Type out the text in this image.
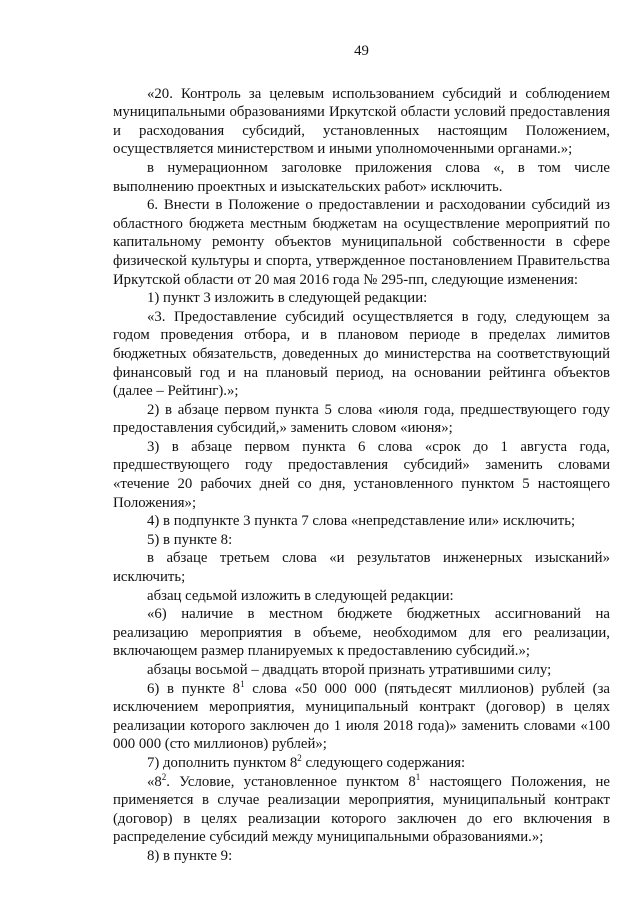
49

«20. Контроль за целевым использованием субсидий и соблюдением муниципальными образованиями Иркутской области условий предоставления и расходования субсидий, установленных настоящим Положением, осуществляется министерством и иными уполномоченными органами.»;

в нумерационном заголовке приложения слова «, в том числе выполнению проектных и изыскательских работ» исключить.

6. Внести в Положение о предоставлении и расходовании субсидий из областного бюджета местным бюджетам на осуществление мероприятий по капитальному ремонту объектов муниципальной собственности в сфере физической культуры и спорта, утвержденное постановлением Правительства Иркутской области от 20 мая 2016 года № 295-пп, следующие изменения:

1) пункт 3 изложить в следующей редакции:

«3. Предоставление субсидий осуществляется в году, следующем за годом проведения отбора, и в плановом периоде в пределах лимитов бюджетных обязательств, доведенных до министерства на соответствующий финансовый год и на плановый период, на основании рейтинга объектов (далее – Рейтинг).»;

2) в абзаце первом пункта 5 слова «июля года, предшествующего году предоставления субсидий,» заменить словом «июня»;

3) в абзаце первом пункта 6 слова «срок до 1 августа года, предшествующего году предоставления субсидий» заменить словами «течение 20 рабочих дней со дня, установленного пунктом 5 настоящего Положения»;

4) в подпункте 3 пункта 7 слова «непредставление или» исключить;

5) в пункте 8:

в абзаце третьем слова «и результатов инженерных изысканий» исключить;

абзац седьмой изложить в следующей редакции:

«6) наличие в местном бюджете бюджетных ассигнований на реализацию мероприятия в объеме, необходимом для его реализации, включающем размер планируемых к предоставлению субсидий.»;

абзацы восьмой – двадцать второй признать утратившими силу;

6) в пункте $8^1$ слова «50 000 000 (пятьдесят миллионов) рублей (за исключением мероприятия, муниципальный контракт (договор) в целях реализации которого заключен до 1 июля 2018 года)» заменить словами «100 000 000 (сто миллионов) рублей»;

7) дополнить пунктом $8^2$ следующего содержания:

«$8^2$. Условие, установленное пунктом $8^1$ настоящего Положения, не применяется в случае реализации мероприятия, муниципальный контракт (договор) в целях реализации которого заключен до его включения в распределение субсидий между муниципальными образованиями.»;

8) в пункте 9:
